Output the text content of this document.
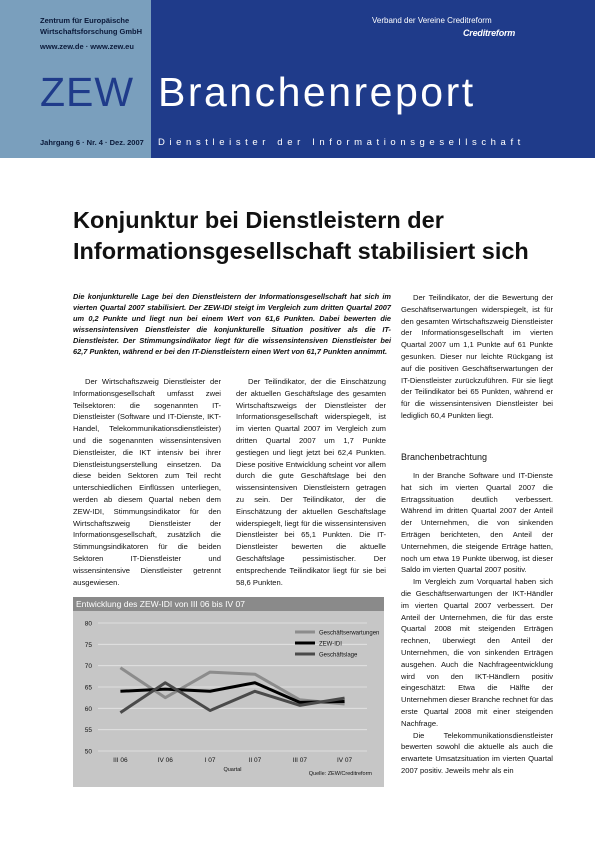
Zentrum für Europäische
Wirtschaftsforschung GmbH
www.zew.de · www.zew.eu
Verband der Vereine Creditreform
Creditreform
ZEW Branchenreport
Jahrgang 6 · Nr. 4 · Dez. 2007 Dienstleister der Informationsgesellschaft
Konjunktur bei Dienstleistern der Informationsgesellschaft stabilisiert sich
Die konjunkturelle Lage bei den Dienstleistern der Informationsgesellschaft hat sich im vierten Quartal 2007 stabilisiert. Der ZEW-IDI steigt im Vergleich zum dritten Quartal 2007 um 0,2 Punkte und liegt nun bei einem Wert von 61,6 Punkten. Dabei bewerten die wissensintensiven Dienstleister die konjunkturelle Situation positiver als die IT-Dienstleister. Der Stimmungsindikator liegt für die wissensintensiven Dienstleister bei 62,7 Punkten, während er bei den IT-Dienstleistern einen Wert von 61,7 Punkten annimmt.
Der Wirtschaftszweig Dienstleister der Informationsgesellschaft umfasst zwei Teilsektoren: die sogenannten IT-Dienstleister (Software und IT-Dienste, IKT-Handel, Telekommunikationsdienstleister) und die sogenannten wissensintensiven Dienstleister, die IKT intensiv bei ihrer Dienstleistungserstellung einsetzen. Da diese beiden Sektoren zum Teil recht unterschiedlichen Einflüssen unterliegen, werden ab diesem Quartal neben dem ZEW-IDI, Stimmungsindikator für den Wirtschaftszweig Dienstleister der Informationsgesellschaft, zusätzlich die Stimmungsindikatoren für die beiden Sektoren IT-Dienstleister und wissensintensive Dienstleister getrennt ausgewiesen.
Der Teilindikator, der die Einschätzung der aktuellen Geschäftslage des gesamten Wirtschaftszweigs der Dienstleister der Informationsgesellschaft widerspiegelt, ist im vierten Quartal 2007 im Vergleich zum dritten Quartal 2007 um 1,7 Punkte gestiegen und liegt jetzt bei 62,4 Punkten. Diese positive Entwicklung scheint vor allem durch die gute Geschäftslage bei den wissensintensiven Dienstleistern getragen zu sein. Der Teilindikator, der die Einschätzung der aktuellen Geschäftslage widerspiegelt, liegt für die wissensintensiven Dienstleister bei 65,1 Punkten. Die IT-Dienstleister bewerten die aktuelle Geschäftslage pessimistischer. Der entsprechende Teilindikator liegt für sie bei 58,6 Punkten.
Der Teilindikator, der die Bewertung der Geschäftserwartungen widerspiegelt, ist für den gesamten Wirtschaftszweig Dienstleister der Informationsgesellschaft im vierten Quartal 2007 um 1,1 Punkte auf 61 Punkte gesunken. Dieser nur leichte Rückgang ist auf die positiven Geschäftserwartungen der IT-Dienstleister zurückzuführen. Für sie liegt der Teilindikator bei 65 Punkten, während er für die wissensintensiven Dienstleister bei lediglich 60,4 Punkten liegt.
Branchenbetrachtung

In der Branche Software und IT-Dienste hat sich im vierten Quartal 2007 die Ertragssituation deutlich verbessert. Während im dritten Quartal 2007 der Anteil der Unternehmen, die von sinkenden Erträgen berichteten, den Anteil der Unternehmen, die steigende Erträge hatten, noch um etwa 19 Punkte überwog, ist dieser Saldo im vierten Quartal 2007 positiv.

Im Vergleich zum Vorquartal haben sich die Geschäftserwartungen der IKT-Händler im vierten Quartal 2007 verbessert. Der Anteil der Unternehmen, die für das erste Quartal 2008 mit steigenden Erträgen rechnen, überwiegt den Anteil der Unternehmen, die von sinkenden Erträgen ausgehen. Auch die Nachfrageentwicklung wird von den IKT-Händlern positiv eingeschätzt: Etwa die Hälfte der Unternehmen dieser Branche rechnet für das erste Quartal 2008 mit einer steigenden Nachfrage.

Die Telekommunikationsdienstleister bewerten sowohl die aktuelle als auch die erwartete Umsatzsituation im vierten Quartal 2007 positiv. Jeweils mehr als ein

Entwicklung des ZEW-IDI von III 06 bis IV 07
50
55
60
65
70
75
80
III 06	IV 06	I 07	II 07	III 07	IV 07
Quartal
Quelle: ZEW/Creditreform
Geschäftserwartungen
ZEW-IDI
Geschäftslage
